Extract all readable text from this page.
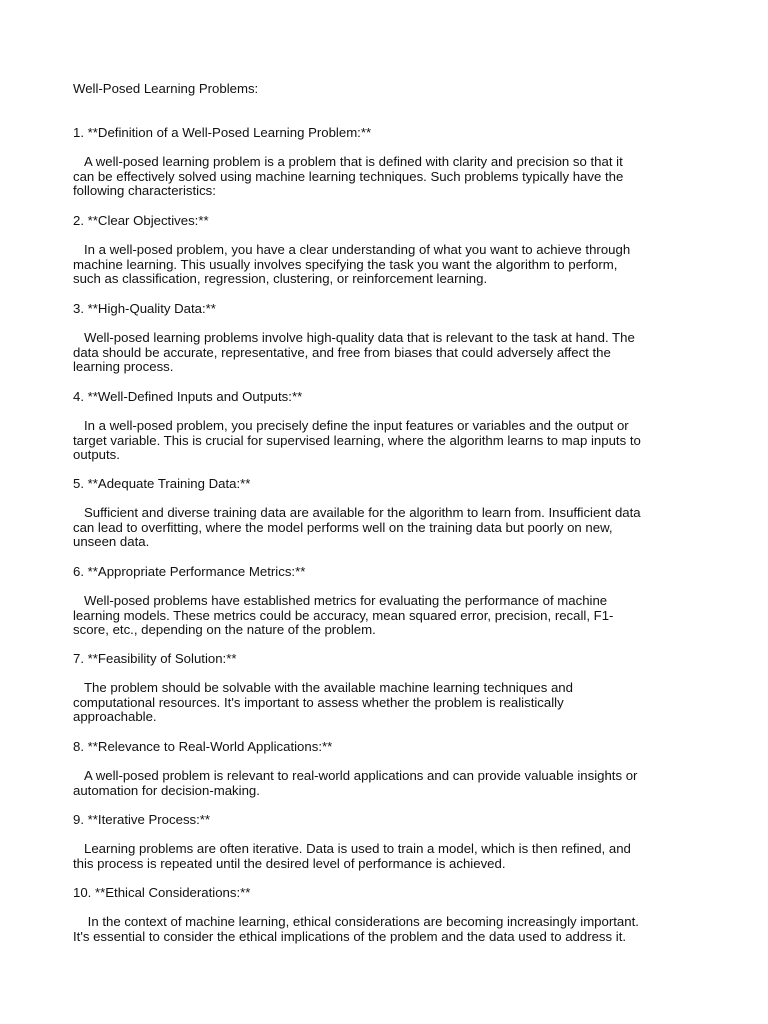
Well-Posed Learning Problems:

1. **Definition of a Well-Posed Learning Problem:**

A well-posed learning problem is a problem that is defined with clarity and precision so that it
can be effectively solved using machine learning techniques. Such problems typically have the
following characteristics:

2. **Clear Objectives:**

In a well-posed problem, you have a clear understanding of what you want to achieve through
machine learning. This usually involves specifying the task you want the algorithm to perform,
such as classification, regression, clustering, or reinforcement learning.

3. **High-Quality Data:**

Well-posed learning problems involve high-quality data that is relevant to the task at hand. The
data should be accurate, representative, and free from biases that could adversely affect the
learning process.

4. **Well-Defined Inputs and Outputs:**

In a well-posed problem, you precisely define the input features or variables and the output or
target variable. This is crucial for supervised learning, where the algorithm learns to map inputs to
outputs.

5. **Adequate Training Data:**

Sufficient and diverse training data are available for the algorithm to learn from. Insufficient data
can lead to overfitting, where the model performs well on the training data but poorly on new,
unseen data.

6. **Appropriate Performance Metrics:**

Well-posed problems have established metrics for evaluating the performance of machine
learning models. These metrics could be accuracy, mean squared error, precision, recall, F1-
score, etc., depending on the nature of the problem.

7. **Feasibility of Solution:**

The problem should be solvable with the available machine learning techniques and
computational resources. It's important to assess whether the problem is realistically
approachable.

8. **Relevance to Real-World Applications:**

A well-posed problem is relevant to real-world applications and can provide valuable insights or
automation for decision-making.

9. **Iterative Process:**

Learning problems are often iterative. Data is used to train a model, which is then refined, and
this process is repeated until the desired level of performance is achieved.

10. **Ethical Considerations:**

In the context of machine learning, ethical considerations are becoming increasingly important.
It's essential to consider the ethical implications of the problem and the data used to address it.
